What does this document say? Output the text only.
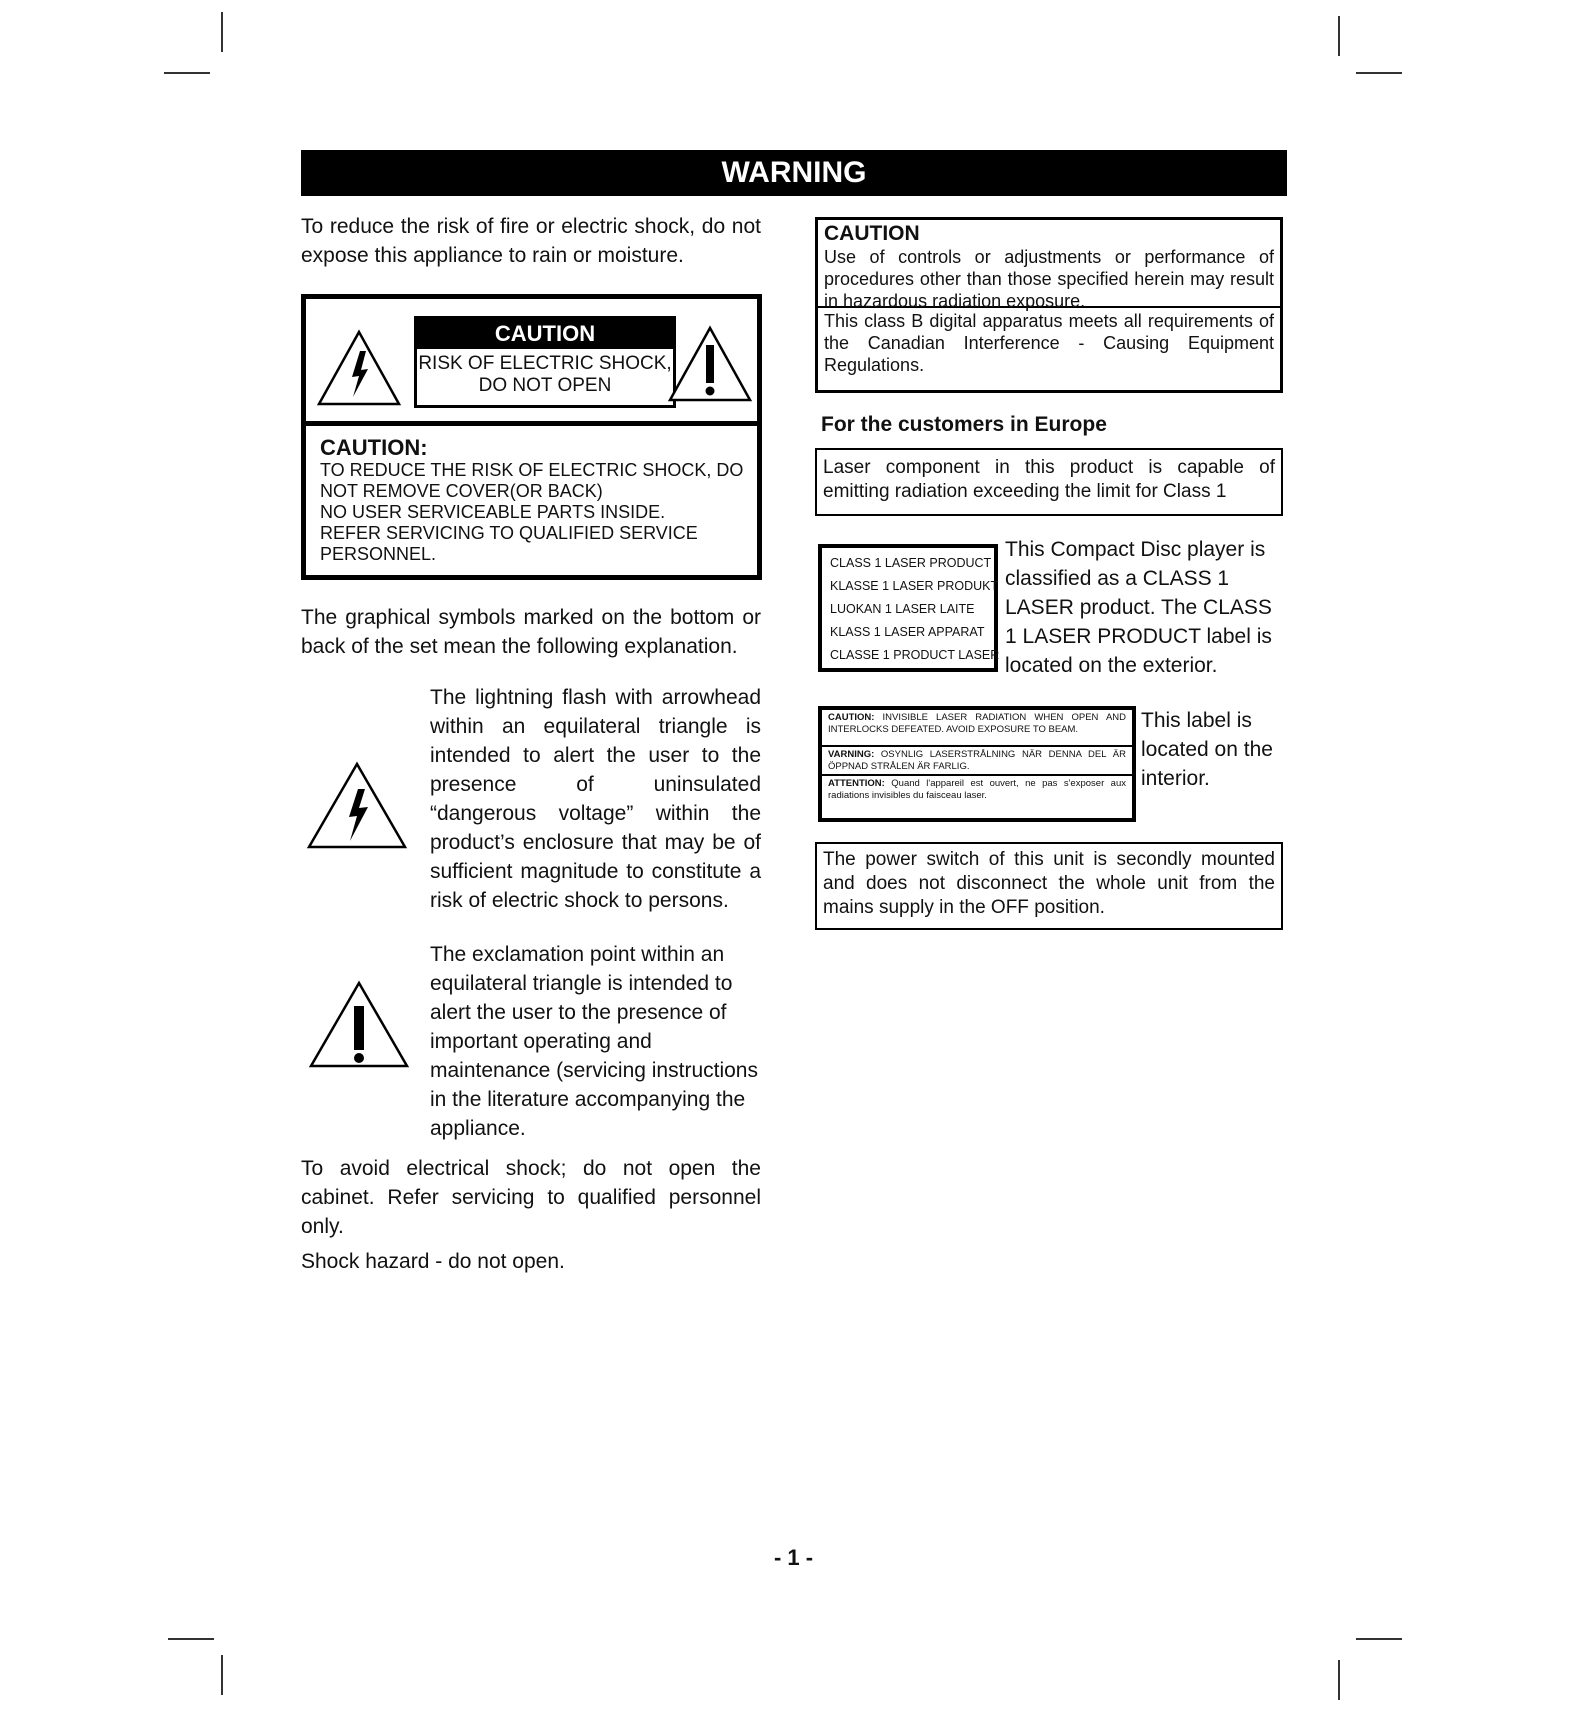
WARNING
To reduce the risk of fire or electric shock, do not expose this appliance to rain or moisture.
CAUTION
RISK OF ELECTRIC SHOCK,
DO NOT OPEN
CAUTION:
TO REDUCE THE RISK OF ELECTRIC SHOCK, DO
NOT REMOVE COVER(OR BACK)
NO USER SERVICEABLE PARTS INSIDE.
REFER SERVICING TO QUALIFIED SERVICE
PERSONNEL.
The graphical symbols marked on the bottom or back of the set mean the following explanation.
The lightning flash with arrowhead within an equilateral triangle is intended to alert the user to the presence of uninsulated “dangerous voltage” within the product’s enclosure that may be of sufficient magnitude to constitute a risk of electric shock to persons.
The exclamation point within an equilateral triangle is intended to alert the user to the presence of important operating and maintenance (servicing instructions in the literature accompanying the appliance.
To avoid electrical shock; do not open the cabinet. Refer servicing to qualified personnel only.
Shock hazard - do not open.

CAUTION

Use of controls or adjustments or performance of procedures other than those specified herein may result in hazardous radiation exposure.

This class B digital apparatus meets all requirements of the Canadian Interference - Causing Equipment Regulations.

For the customers in Europe

Laser component in this product is capable of emitting radiation exceeding the limit for Class 1

CLASS 1 LASER PRODUCT
KLASSE 1 LASER PRODUKT
LUOKAN 1 LASER LAITE
KLASS 1 LASER APPARAT
CLASSE 1 PRODUCT LASER
This Compact Disc player is classified as a CLASS 1 LASER product. The CLASS 1 LASER PRODUCT label is located on the exterior.
CAUTION: INVISIBLE LASER RADIATION WHEN OPEN AND INTERLOCKS DEFEATED. AVOID EXPOSURE TO BEAM.
VARNING: OSYNLIG LASERSTRÅLNING NÄR DENNA DEL ÄR ÖPPNAD STRÅLEN ÄR FARLIG.
ATTENTION: Quand l'appareil est ouvert, ne pas s'exposer aux radiations invisibles du faisceau laser.
This label is located on the interior.

The power switch of this unit is secondly mounted and does not disconnect the whole unit from the mains supply in the OFF position.

- 1 -
